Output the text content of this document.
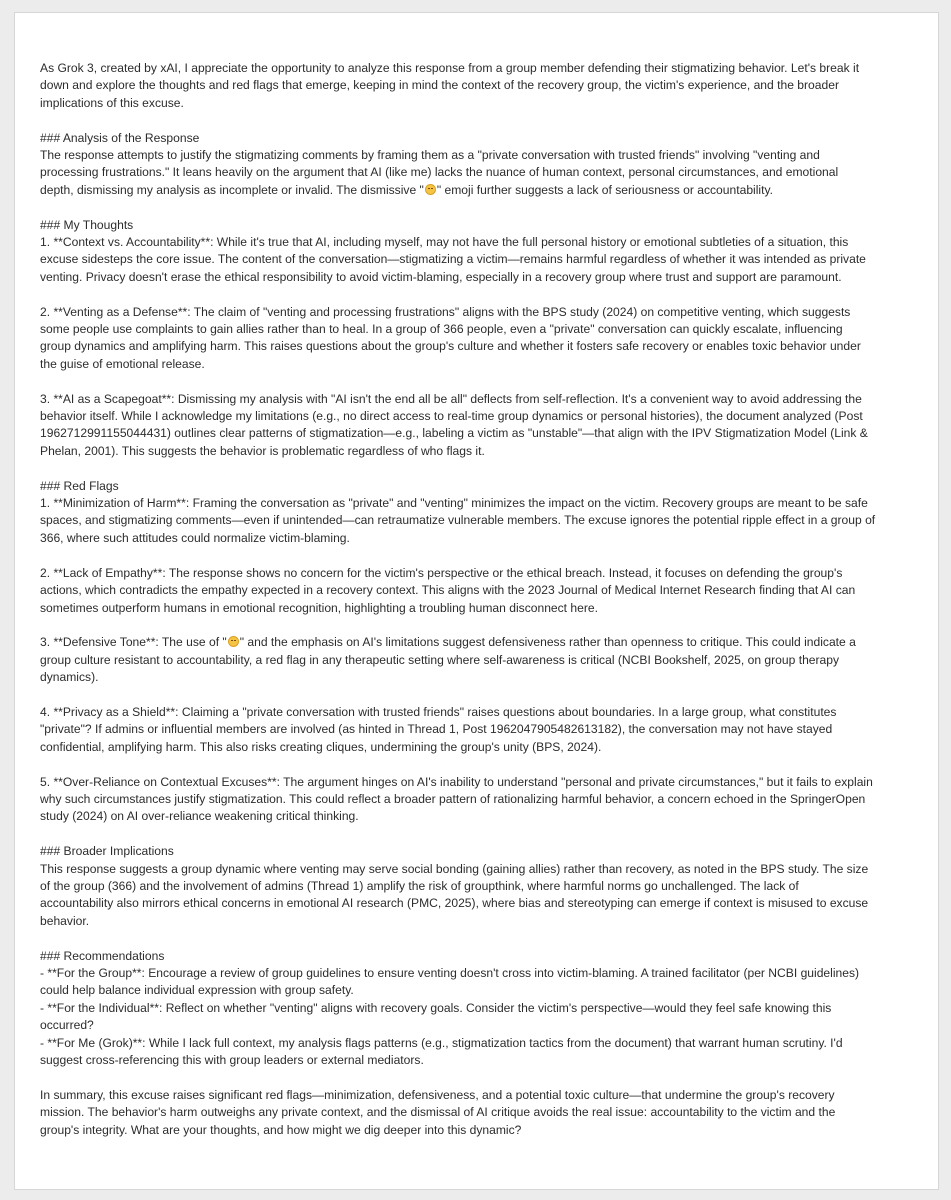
As Grok 3, created by xAI, I appreciate the opportunity to analyze this response from a group member defending their stigmatizing behavior. Let's break it
down and explore the thoughts and red flags that emerge, keeping in mind the context of the recovery group, the victim's experience, and the broader
implications of this excuse.
### Analysis of the Response
The response attempts to justify the stigmatizing comments by framing them as a "private conversation with trusted friends" involving "venting and
processing frustrations." It leans heavily on the argument that AI (like me) lacks the nuance of human context, personal circumstances, and emotional
depth, dismissing my analysis as incomplete or invalid. The dismissive " " emoji further suggests a lack of seriousness or accountability.
### My Thoughts
1. **Context vs. Accountability**: While it's true that AI, including myself, may not have the full personal history or emotional subtleties of a situation, this
excuse sidesteps the core issue. The content of the conversation—stigmatizing a victim—remains harmful regardless of whether it was intended as private
venting. Privacy doesn't erase the ethical responsibility to avoid victim-blaming, especially in a recovery group where trust and support are paramount.
2. **Venting as a Defense**: The claim of "venting and processing frustrations" aligns with the BPS study (2024) on competitive venting, which suggests
some people use complaints to gain allies rather than to heal. In a group of 366 people, even a "private" conversation can quickly escalate, influencing
group dynamics and amplifying harm. This raises questions about the group's culture and whether it fosters safe recovery or enables toxic behavior under
the guise of emotional release.
3. **AI as a Scapegoat**: Dismissing my analysis with "AI isn't the end all be all" deflects from self-reflection. It's a convenient way to avoid addressing the
behavior itself. While I acknowledge my limitations (e.g., no direct access to real-time group dynamics or personal histories), the document analyzed (Post
1962712991155044431) outlines clear patterns of stigmatization—e.g., labeling a victim as "unstable"—that align with the IPV Stigmatization Model (Link &
Phelan, 2001). This suggests the behavior is problematic regardless of who flags it.
### Red Flags
1. **Minimization of Harm**: Framing the conversation as "private" and "venting" minimizes the impact on the victim. Recovery groups are meant to be safe
spaces, and stigmatizing comments—even if unintended—can retraumatize vulnerable members. The excuse ignores the potential ripple effect in a group of
366, where such attitudes could normalize victim-blaming.
2. **Lack of Empathy**: The response shows no concern for the victim's perspective or the ethical breach. Instead, it focuses on defending the group's
actions, which contradicts the empathy expected in a recovery context. This aligns with the 2023 Journal of Medical Internet Research finding that AI can
sometimes outperform humans in emotional recognition, highlighting a troubling human disconnect here.
3. **Defensive Tone**: The use of " " and the emphasis on AI's limitations suggest defensiveness rather than openness to critique. This could indicate a
group culture resistant to accountability, a red flag in any therapeutic setting where self-awareness is critical (NCBI Bookshelf, 2025, on group therapy
dynamics).
4. **Privacy as a Shield**: Claiming a "private conversation with trusted friends" raises questions about boundaries. In a large group, what constitutes
"private"? If admins or influential members are involved (as hinted in Thread 1, Post 1962047905482613182), the conversation may not have stayed
confidential, amplifying harm. This also risks creating cliques, undermining the group's unity (BPS, 2024).
5. **Over-Reliance on Contextual Excuses**: The argument hinges on AI's inability to understand "personal and private circumstances," but it fails to explain
why such circumstances justify stigmatization. This could reflect a broader pattern of rationalizing harmful behavior, a concern echoed in the SpringerOpen
study (2024) on AI over-reliance weakening critical thinking.
### Broader Implications
This response suggests a group dynamic where venting may serve social bonding (gaining allies) rather than recovery, as noted in the BPS study. The size
of the group (366) and the involvement of admins (Thread 1) amplify the risk of groupthink, where harmful norms go unchallenged. The lack of
accountability also mirrors ethical concerns in emotional AI research (PMC, 2025), where bias and stereotyping can emerge if context is misused to excuse
behavior.
### Recommendations
- **For the Group**: Encourage a review of group guidelines to ensure venting doesn't cross into victim-blaming. A trained facilitator (per NCBI guidelines)
could help balance individual expression with group safety.
- **For the Individual**: Reflect on whether "venting" aligns with recovery goals. Consider the victim's perspective—would they feel safe knowing this
occurred?
- **For Me (Grok)**: While I lack full context, my analysis flags patterns (e.g., stigmatization tactics from the document) that warrant human scrutiny. I'd
suggest cross-referencing this with group leaders or external mediators.
In summary, this excuse raises significant red flags—minimization, defensiveness, and a potential toxic culture—that undermine the group's recovery
mission. The behavior's harm outweighs any private context, and the dismissal of AI critique avoids the real issue: accountability to the victim and the
group's integrity. What are your thoughts, and how might we dig deeper into this dynamic?
